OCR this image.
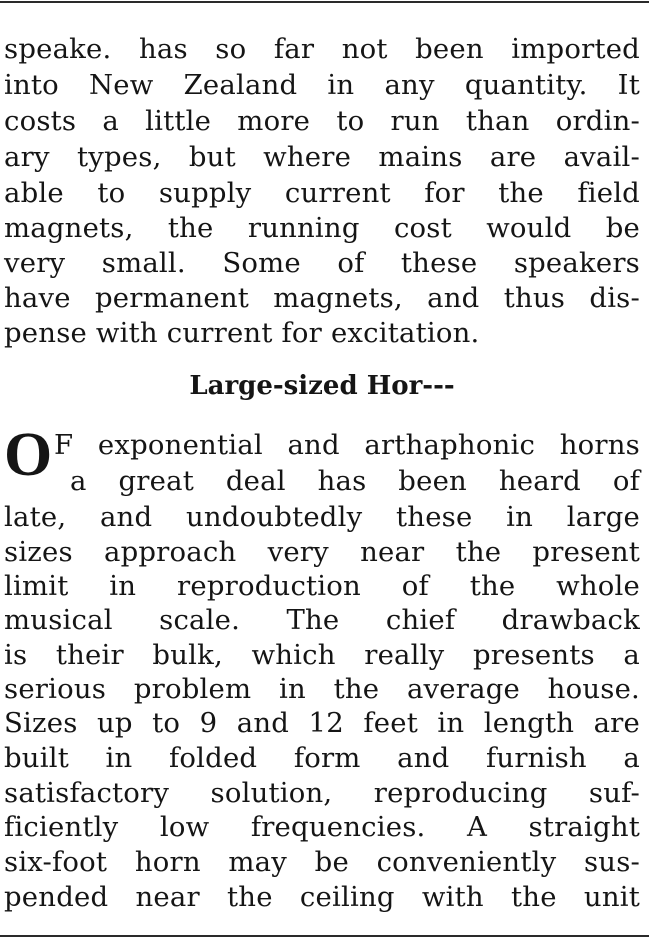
speake. has so far not been imported
into New Zealand in any quantity. It
costs a little more to run than ordin-
ary types, but where mains are avail-
able to supply current for the field
magnets, the running cost would be
very small. Some of these speakers
have permanent magnets, and thus dis-
pense with current for excitation.
Large-sized Hor---
O F exponential and arthaphonic horns
a great deal has been heard of
late, and undoubtedly these in large
sizes approach very near the present
limit in reproduction of the whole
musical scale. The chief drawback
is their bulk, which really presents a
serious problem in the average house.
Sizes up to 9 and 12 feet in length are
built in folded form and furnish a
satisfactory solution, reproducing suf-
ficiently low frequencies. A straight
six-foot horn may be conveniently sus-
pended near the ceiling with the unit
